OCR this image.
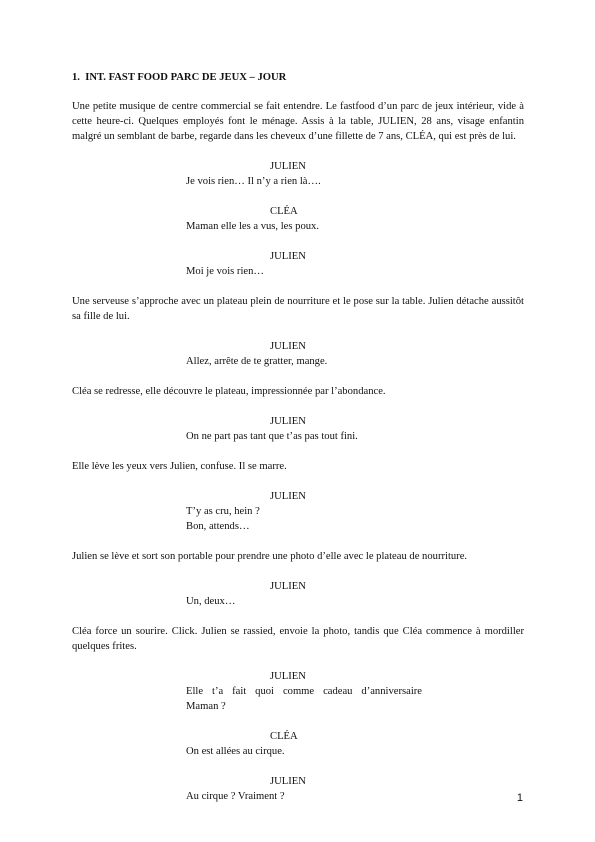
1.  INT. FAST FOOD PARC DE JEUX – JOUR
Une petite musique de centre commercial se fait entendre. Le fastfood d’un parc de jeux intérieur, vide à cette heure-ci. Quelques employés font le ménage. Assis à la table, JULIEN, 28 ans, visage enfantin malgré un semblant de barbe, regarde dans les cheveux d’une fillette de 7 ans, CLÉA, qui est près de lui.
JULIEN
Je vois rien… Il n’y a rien là….
CLÉA
Maman elle les a vus, les poux.
JULIEN
Moi je vois rien…
Une serveuse s’approche avec un plateau plein de nourriture et le pose sur la table. Julien détache aussitôt sa fille de lui.
JULIEN
Allez, arrête de te gratter, mange.
Cléa se redresse, elle découvre le plateau, impressionnée par l’abondance.
JULIEN
On ne part pas tant que t’as pas tout fini.
Elle lève les yeux vers Julien, confuse. Il se marre.
JULIEN
T’y as cru, hein ?
Bon, attends…
Julien se lève et sort son portable pour prendre une photo d’elle avec le plateau de nourriture.
JULIEN
Un, deux…
Cléa force un sourire. Click. Julien se rassied, envoie la photo, tandis que Cléa commence à mordiller quelques frites.
JULIEN
Elle t’a fait quoi comme cadeau d’anniversaire
Maman ?
CLÉA
On est allées au cirque.
JULIEN
Au cirque ? Vraiment ?	1
